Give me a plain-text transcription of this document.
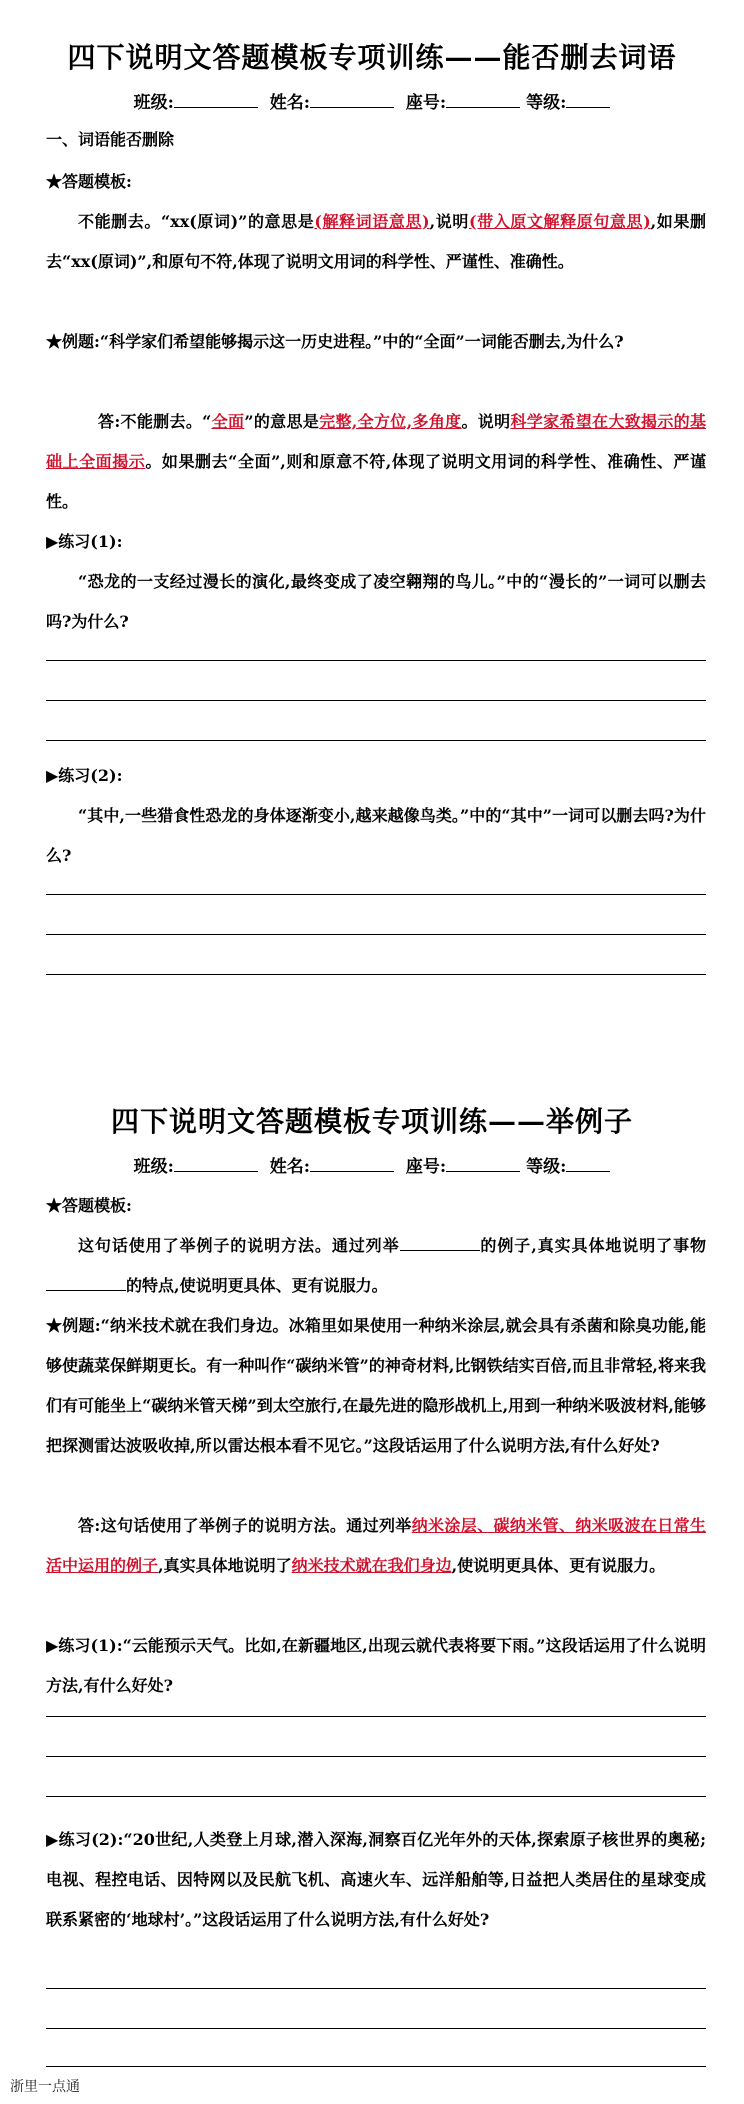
四下说明文答题模板专项训练——能否删去词语
班级:	姓名:	座号:	等级:
一、词语能否删除
★答题模板:
不能删去。“xx(原词)”的意思是(解释词语意思),说明(带入原文解释原句意思),如果删去“xx(原词)”,和原句不符,体现了说明文用词的科学性、严谨性、准确性。
★例题:“科学家们希望能够揭示这一历史进程。”中的“全面”一词能否删去,为什么?
答:不能删去。“全面”的意思是完整,全方位,多角度。说明科学家希望在大致揭示的基础上全面揭示。如果删去“全面”,则和原意不符,体现了说明文用词的科学性、准确性、严谨性。
▶练习(1):
“恐龙的一支经过漫长的演化,最终变成了凌空翱翔的鸟儿。”中的“漫长的”一词可以删去吗?为什么?
▶练习(2):
“其中,一些猎食性恐龙的身体逐渐变小,越来越像鸟类。”中的“其中”一词可以删去吗?为什么?
四下说明文答题模板专项训练——举例子
班级:	姓名:	座号:	等级:
★答题模板:
这句话使用了举例子的说明方法。通过列举	的例子,真实具体地说明了事物的特点,使说明更具体、更有说服力。
★例题:“纳米技术就在我们身边。冰箱里如果使用一种纳米涂层,就会具有杀菌和除臭功能,能够使蔬菜保鲜期更长。有一种叫作“碳纳米管”的神奇材料,比钢铁结实百倍,而且非常轻,将来我们有可能坐上“碳纳米管天梯”到太空旅行,在最先进的隐形战机上,用到一种纳米吸波材料,能够把探测雷达波吸收掉,所以雷达根本看不见它。”这段话运用了什么说明方法,有什么好处?
答:这句话使用了举例子的说明方法。通过列举纳米涂层、碳纳米管、纳米吸波在日常生活中运用的例子,真实具体地说明了纳米技术就在我们身边,使说明更具体、更有说服力。
▶练习(1):“云能预示天气。比如,在新疆地区,出现云就代表将要下雨。”这段话运用了什么说明方法,有什么好处?
▶练习(2):“20世纪,人类登上月球,潜入深海,洞察百亿光年外的天体,探索原子核世界的奥秘;电视、程控电话、因特网以及民航飞机、高速火车、远洋船舶等,日益把人类居住的星球变成联系紧密的‘地球村’。”这段话运用了什么说明方法,有什么好处?
浙里一点通
